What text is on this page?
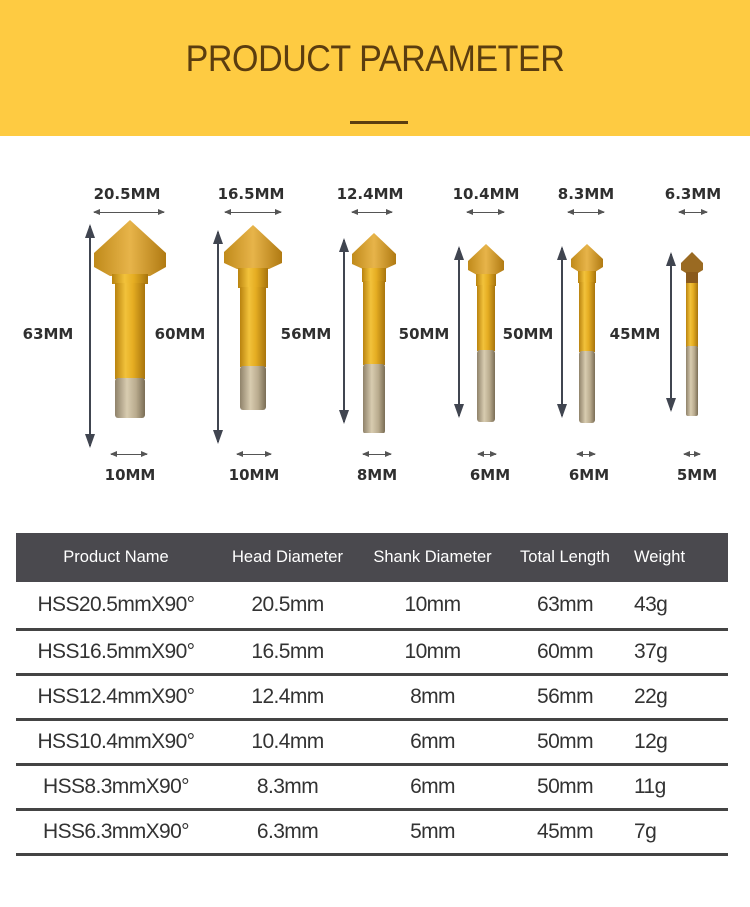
PRODUCT PARAMETER
20.5MM
63MM
10MM
16.5MM
60MM
10MM
12.4MM
56MM
8MM
10.4MM
50MM
6MM
8.3MM
50MM
6MM
6.3MM
45MM
5MM
Product Name	Head Diameter	Shank Diameter	Total Length	Weight
HSS20.5mmX90°	20.5mm	10mm	63mm	43g
HSS16.5mmX90°	16.5mm	10mm	60mm	37g
HSS12.4mmX90°	12.4mm	8mm	56mm	22g
HSS10.4mmX90°	10.4mm	6mm	50mm	12g
HSS8.3mmX90°	8.3mm	6mm	50mm	11g
HSS6.3mmX90°	6.3mm	5mm	45mm	7g
